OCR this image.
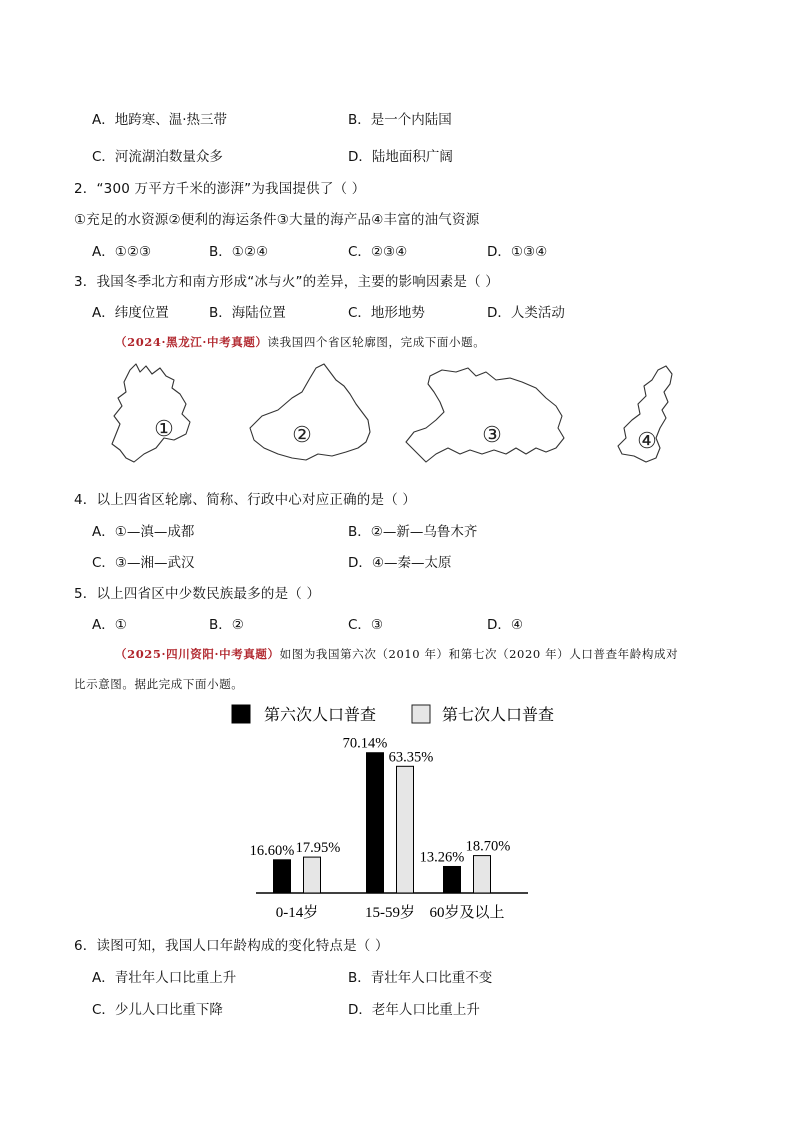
A．地跨寒、温·热三带	B．是一个内陆国
C．河流湖泊数量众多	D．陆地面积广阔
2．“300 万平方千米的澎湃”为我国提供了（ ）
①充足的水资源②便利的海运条件③大量的海产品④丰富的油气资源
A．①②③	B．①②④	C．②③④	D．①③④
3．我国冬季北方和南方形成“冰与火”的差异，主要的影响因素是（ ）
A．纬度位置	B．海陆位置	C．地形地势	D．人类活动
（2024·黑龙江·中考真题）读我国四个省区轮廓图，完成下面小题。
①	②	③	④
4．以上四省区轮廓、简称、行政中心对应正确的是（ ）
A．①—滇—成都	B．②—新—乌鲁木齐
C．③—湘—武汉	D．④—秦—太原
5．以上四省区中少数民族最多的是（ ）
A．①	B．②	C．③	D．④
（2025·四川资阳·中考真题）如图为我国第六次（2010 年）和第七次（2020 年）人口普查年龄构成对
比示意图。据此完成下面小题。
第六次人口普查	第七次人口普查
16.60% 17.95%
70.14%
63.35%
13.26%
18.70%
0-14岁	15-59岁 60岁及以上
6．读图可知，我国人口年龄构成的变化特点是（ ）
A．青壮年人口比重上升	B．青壮年人口比重不变
C．少儿人口比重下降	D．老年人口比重上升
